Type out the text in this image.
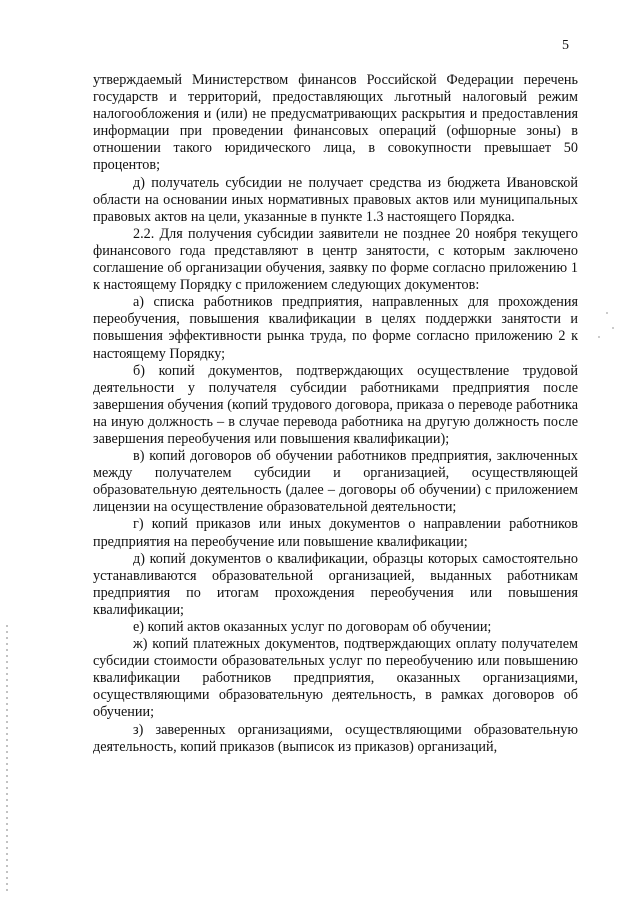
5

утверждаемый Министерством финансов Российской Федерации перечень государств и территорий, предоставляющих льготный налоговый режим налогообложения и (или) не предусматривающих раскрытия и предоставления информации при проведении финансовых операций (офшорные зоны) в отношении такого юридического лица, в совокупности превышает 50 процентов;

д) получатель субсидии не получает средства из бюджета Ивановской области на основании иных нормативных правовых актов или муниципальных правовых актов на цели, указанные в пункте 1.3 настоящего Порядка.

2.2. Для получения субсидии заявители не позднее 20 ноября текущего финансового года представляют в центр занятости, с которым заключено соглашение об организации обучения, заявку по форме согласно приложению 1 к настоящему Порядку с приложением следующих документов:

а) списка работников предприятия, направленных для прохождения переобучения, повышения квалификации в целях поддержки занятости и повышения эффективности рынка труда, по форме согласно приложению 2 к настоящему Порядку;

б) копий документов, подтверждающих осуществление трудовой деятельности у получателя субсидии работниками предприятия после завершения обучения (копий трудового договора, приказа о переводе работника на иную должность – в случае перевода работника на другую должность после завершения переобучения или повышения квалификации);

в) копий договоров об обучении работников предприятия, заключенных между получателем субсидии и организацией, осуществляющей образовательную деятельность (далее – договоры об обучении) с приложением лицензии на осуществление образовательной деятельности;

г) копий приказов или иных документов о направлении работников предприятия на переобучение или повышение квалификации;

д) копий документов о квалификации, образцы которых самостоятельно устанавливаются образовательной организацией, выданных работникам предприятия по итогам прохождения переобучения или повышения квалификации;

е) копий актов оказанных услуг по договорам об обучении;

ж) копий платежных документов, подтверждающих оплату получателем субсидии стоимости образовательных услуг по переобучению или повышению квалификации работников предприятия, оказанных организациями, осуществляющими образовательную деятельность, в рамках договоров об обучении;

з) заверенных организациями, осуществляющими образовательную деятельность, копий приказов (выписок из приказов) организаций,
